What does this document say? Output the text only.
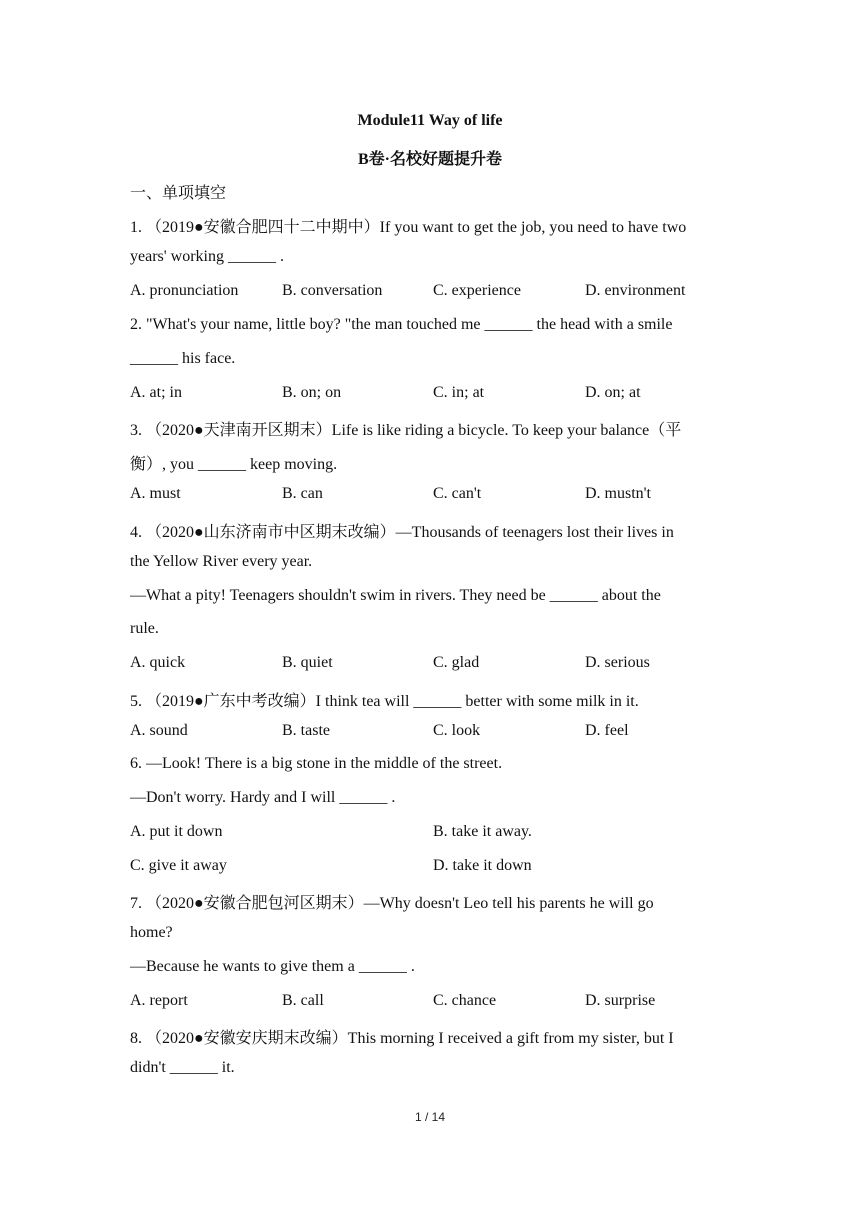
Module11 Way of life
B卷·名校好题提升卷
一、单项填空
1. （2019●安徽合肥四十二中期中）If you want to get the job, you need to have two
years' working ______ .
A. pronunciation	B. conversation	C. experience	D. environment
2. "What's your name, little boy? "the man touched me ______ the head with a smile
______ his face.
A. at; in	B. on; on	C. in; at	D. on; at
3. （2020●天津南开区期末）Life is like riding a bicycle. To keep your balance（平
衡）, you ______ keep moving.
A. must	B. can	C. can't	D. mustn't
4. （2020●山东济南市中区期末改编）—Thousands of teenagers lost their lives in
the Yellow River every year.
—What a pity! Teenagers shouldn't swim in rivers. They need be ______ about the
rule.
A. quick	B. quiet	C. glad	D. serious
5. （2019●广东中考改编）I think tea will ______ better with some milk in it.
A. sound	B. taste	C. look	D. feel
6. —Look! There is a big stone in the middle of the street.
—Don't worry. Hardy and I will ______ .
A. put it down	B. take it away.
C. give it away	D. take it down
7. （2020●安徽合肥包河区期末）—Why doesn't Leo tell his parents he will go
home?
—Because he wants to give them a ______ .
A. report	B. call	C. chance	D. surprise
8. （2020●安徽安庆期末改编）This morning I received a gift from my sister, but I
didn't ______ it.
1 / 14
